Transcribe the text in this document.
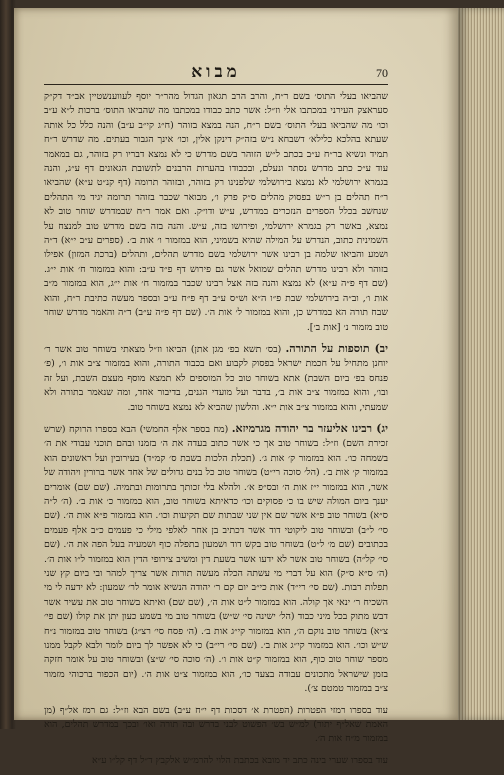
מבוא	70

שהביאו בעלי התוס׳ בשם ר״ח, והרב הרב תגאון הגדול מהר״ר יוסף לעווענשטיין אב״ד דק״ק סעראצק העירני במכתבו אלי וז״ל: אשר כתב כבודו במכתבו מה שהביאו התוס׳ ברכות ל״א ע״ב וכו׳ מה שהביאו בעלי התוס׳ בשם ר״ח, הנה במצא בזוהר (ח״ג קי״ב ע״ב) והנה כלל כל אותה שעתא בהלכא כלילא׳ דשבחא נ״ש בזה״ק דינקן אלין, וכו׳ אינך הגבור בעתים. מה שדרש ר״ח תמיד ונשיא בר״ח ע״ב בכתב ל״ש הזוהר בשם מדרש כי לא נמצא דבריו רק בזוהר, גם במאמר עוד ע״כ כתב מדרש נסתר ונעלם, ובכבודו בהערות הרבנים לתשובת הגאונים דף ע״ג, והנה בגמרא ירושלמי לא נמצא בירושלמי שלפנינו רק בזוהר, ובזוהר תרומה (דף קנ״ט ע״א) שהביאו ר״ח תהלים בן ר״ש בפסוק מהלים ס״ק פרק ו׳, מבואר שכבר בזוהר תרומה יגיד מי התהלים שנחשב בכלל הספרים הנזכרים במדרש, ע״ש ודו״ק. ואם אמר ר״ח שבמדרש שוחר טוב לא נמצא, באשר רק בגמרא ירושלמי, ופירושו בזה, ע״ש. והנה בזה בשם מדרש טוב למנצח על השמינית כתוב, הנדרש על המילה שהיא בשמיני, הוא במזמור ו׳ אות ב׳. (ספרים ע״ב י״א) ד״ה ושמע והביאו שלמה בן רבינו אשר ירושלמי בשם מדרש תהלים, ותהלים (ברכת המזון) אפילו בזוהר ולא רבינו מדרש תהלים שמואל אשר גם פירוש דף פ״ד ע״ב: והוא במזמור ח׳ אות י״ג. (שם דף פ״ה ע״א) לא נמצא והנה בזה אצל רבינו שכבר במזמור ח׳ אות י״ג, הוא במזמור מ״ב אות ו׳, וב״ה בירושלמי שבת פ״ו ה״א וש״ס ע״ב דף פ״ח ע״ב ובספר מעשה כתיבת ר״ח, והוא שבח תורה הא במדרש כן, והוא במזמור ל׳ אות ה׳. (שם דף פ״ה ע״ב) ד״ה והאמר מדרש שוחר טוב מזמור נ׳ [אות ב׳].

יב) תוספות על התורה. (בס׳ תשא בפ׳ מגן אתן) הביאו וז״ל מצאתי בשוחר טוב אשר ר׳ יוחנן מתחיל על חכמת ישראל בפסוק לקבוע ואם בכבוד התורה, והוא במזמור צ״ב אות ו׳, (פ׳ פנחס בפ׳ ביום השבת) אתא בשוחר טוב כל המוספים לא תמצא מוסף מעצם השבת, ועל זה ובו׳, והוא במזמור צ״ב אות ב׳, בדבר ועל מועדי הגנים, בדיבור אחד, ומה שנאמר בתורה ולא שמעתי, והוא במזמור צ״ב אות י״א. והלשון שהביא לא נמצא בשוחר טוב.

יג) רבינו אליעזר בר יהודה מגרמיזא. (מח בספר אלף החמשי) הבא בספרו הרוקח (שרש זכירת השם) וז״ל: בשוחר טוב אך כי אשר כתוב בעדה את ה׳ בזמנו ובהם תוכני עבודי את ה׳ בשמחה כו׳. הוא במזמור ק׳ אות ג׳. (תכלת הלכות בשבת ס׳ קמ״ד) בעירובין ועל ראשונים הוא במזמור ק׳ אות ב׳. (הל׳ סוכה רי״ט) בשוחר טוב כל בנים גדולים של אחד אשר ברורין ויהודה של אשר, הוא במזמור י״ז אות ה׳ ובס״פ א׳. ולהלא בלי זכותך בתרומות ובתמיה. (שם שם) אומרים יענך ביום המולה שיש בו כ׳ פסוקים וכו׳ כדאיתא בשוחר טוב, הוא במזמור כ׳ אות ב׳. (ה׳ ל״ה ס״א) בשוחר טוב פ״א אשר שם אין שני שבתות שם תקיעות וכו׳. הוא במזמור פ״א אות ה׳. (שם סי׳ ל״ב) ובשוחר טוב ליקוטי דוד אשר דכתיב בן אחר לאלפי מילי כי פעמים כ״ב אלף פעמים בכתובים (שם מ׳ ל״ט) בשוחר טוב בקש דוד ושמעון בתפלה כוף ושמעיה בעל הפה את ה׳. (שם סי׳ קל״ה) בשוחר טוב אשר לא ידעו אשר בשעת דין ומשיב צירופי הדין הוא במזמור ל״ו אות ה׳. (ה׳ ס״א ס״ק) הוא על דברי מי עשתה הכלה מעשה תורות אשר צריך למהר ובי ביום קץ שני תפלות רבות. (שם סי׳ רי״ד) אות כי״ב יום קם ר׳ יהודה הנשיא אומר לר׳ שמעון: לא ידעה לי מי השכיח ר׳ ינאי אך קולה. הוא במזמור ל״ט אות ה׳, (שם שם) ואיתא בשוחר טוב את עשיר אשר דבש מתוק בכל מיני כבוד (הל׳ ישינה סי׳ ש״ש) בשוחר טוב מי בשמע כעון יתן את קולו (שם פי׳ צ״א) בשוחר טוב נוקם ה׳, הוא במזמור קי״ג אות ב׳. (ה׳ פסח סי׳ רצ״ג) בשוחר טוב במזמור נ״ח ש״ש וכו׳. הוא במזמור קי״ג אות ב׳. (שם סי׳ רי״ב) כי לא אפשר לך ביום לומר ולבא לקבל ממנו מספר שוחר טוב כוף, הוא במזמור ק״ט אות ו׳. (ה׳ סוכה סי׳ ש״צ) ובשוחר טוב על אומר חזקה בזמן שישראל מתכונים עבודה בצעד כו׳, הוא במזמור צ״ט אות ה׳. (יום הכפור ברכוהי מזמור צ״ב במזמור טמטם צ׳).

עוד בספרו רמזי הפטרות (הפטרת א׳ דסכות דף י״ח ע״ב) בשם הבא וז״ל: גם רמז אל״ף (מן האמת שאל״ף יתור) למ״ש בש׳ הפשוט לבני בדרש ובה תורה ואו׳ ובכך במדרש תהלים, הוא במזמור מ״ח אות ה׳.

עוד בספרו שערי בינה כתב יד מובא בכתבת הלוי להרמ״ש אלקבץ ד״ל דף קל״ו ע״א
